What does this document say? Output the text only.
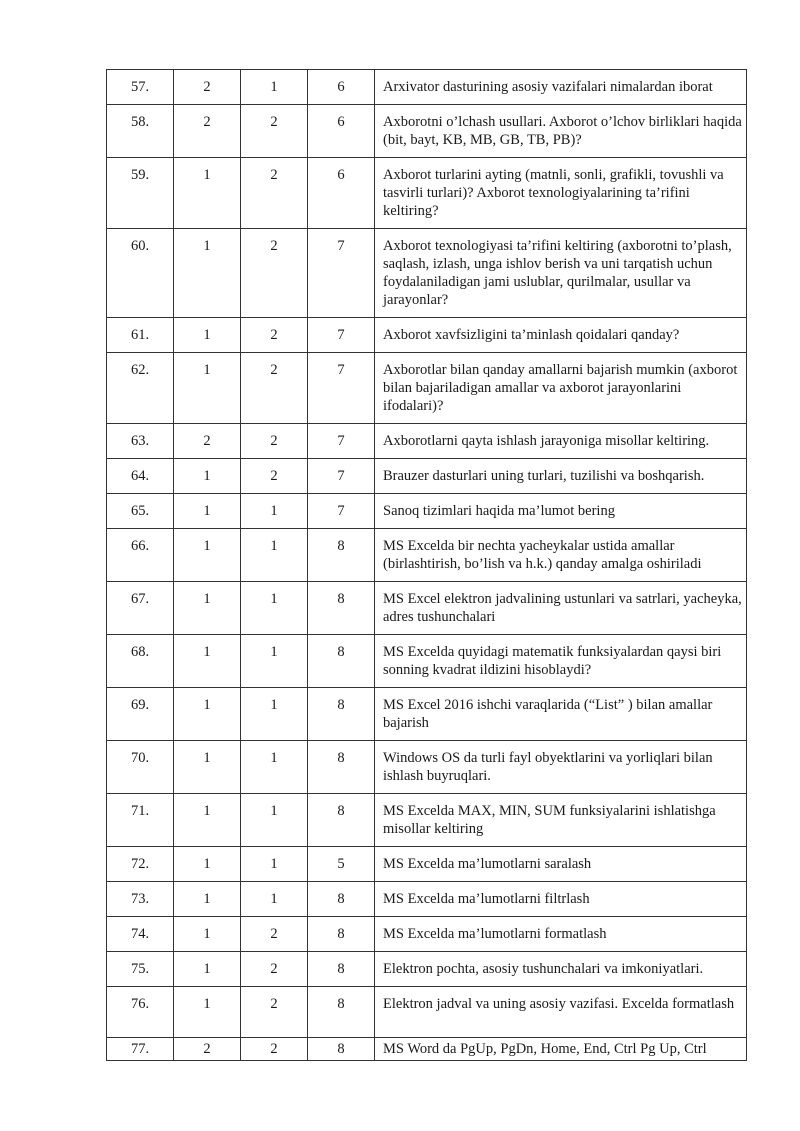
57.	2	1	6	Arxivator dasturining asosiy vazifalari nimalardan iborat
58.	2	2	6	Axborotni o’lchash usullari. Axborot o’lchov birliklari haqida (bit, bayt, KB, MB, GB, TB, PB)?
59.	1	2	6	Axborot turlarini ayting (matnli, sonli, grafikli, tovushli va tasvirli turlari)? Axborot texnologiyalarining ta’rifini keltiring?
60.	1	2	7	Axborot texnologiyasi ta’rifini keltiring (axborotni to’plash, saqlash, izlash, unga ishlov berish va uni tarqatish uchun foydalaniladigan jami uslublar, qurilmalar, usullar va jarayonlar?
61.	1	2	7	Axborot xavfsizligini ta’minlash qoidalari qanday?
62.	1	2	7	Axborotlar bilan qanday amallarni bajarish mumkin (axborot bilan bajariladigan amallar va axborot jarayonlarini ifodalari)?
63.	2	2	7	Axborotlarni qayta ishlash jarayoniga misollar keltiring.
64.	1	2	7	Brauzer dasturlari uning turlari, tuzilishi va boshqarish.
65.	1	1	7	Sanoq tizimlari haqida ma’lumot bering
66.	1	1	8	MS Excelda bir nechta yacheykalar ustida amallar (birlashtirish, bo’lish va h.k.) qanday amalga oshiriladi
67.	1	1	8	MS Excel elektron jadvalining ustunlari va satrlari, yacheyka, adres tushunchalari
68.	1	1	8	MS Excelda quyidagi matematik funksiyalardan qaysi biri sonning kvadrat ildizini hisoblaydi?
69.	1	1	8	MS Excel 2016 ishchi varaqlarida (“List” ) bilan amallar bajarish
70.	1	1	8	Windows OS da turli fayl obyektlarini va yorliqlari bilan ishlash buyruqlari.
71.	1	1	8	MS Excelda MAX, MIN, SUM funksiyalarini ishlatishga misollar keltiring
72.	1	1	5	MS Excelda ma’lumotlarni saralash
73.	1	1	8	MS Excelda ma’lumotlarni filtrlash
74.	1	2	8	MS Excelda ma’lumotlarni formatlash
75.	1	2	8	Elektron pochta, asosiy tushunchalari va imkoniyatlari.
76.	1	2	8	Elektron jadval va uning asosiy vazifasi. Excelda formatlash
77.	2	2	8	MS Word da PgUp, PgDn, Home, End, Ctrl Pg Up, Ctrl
